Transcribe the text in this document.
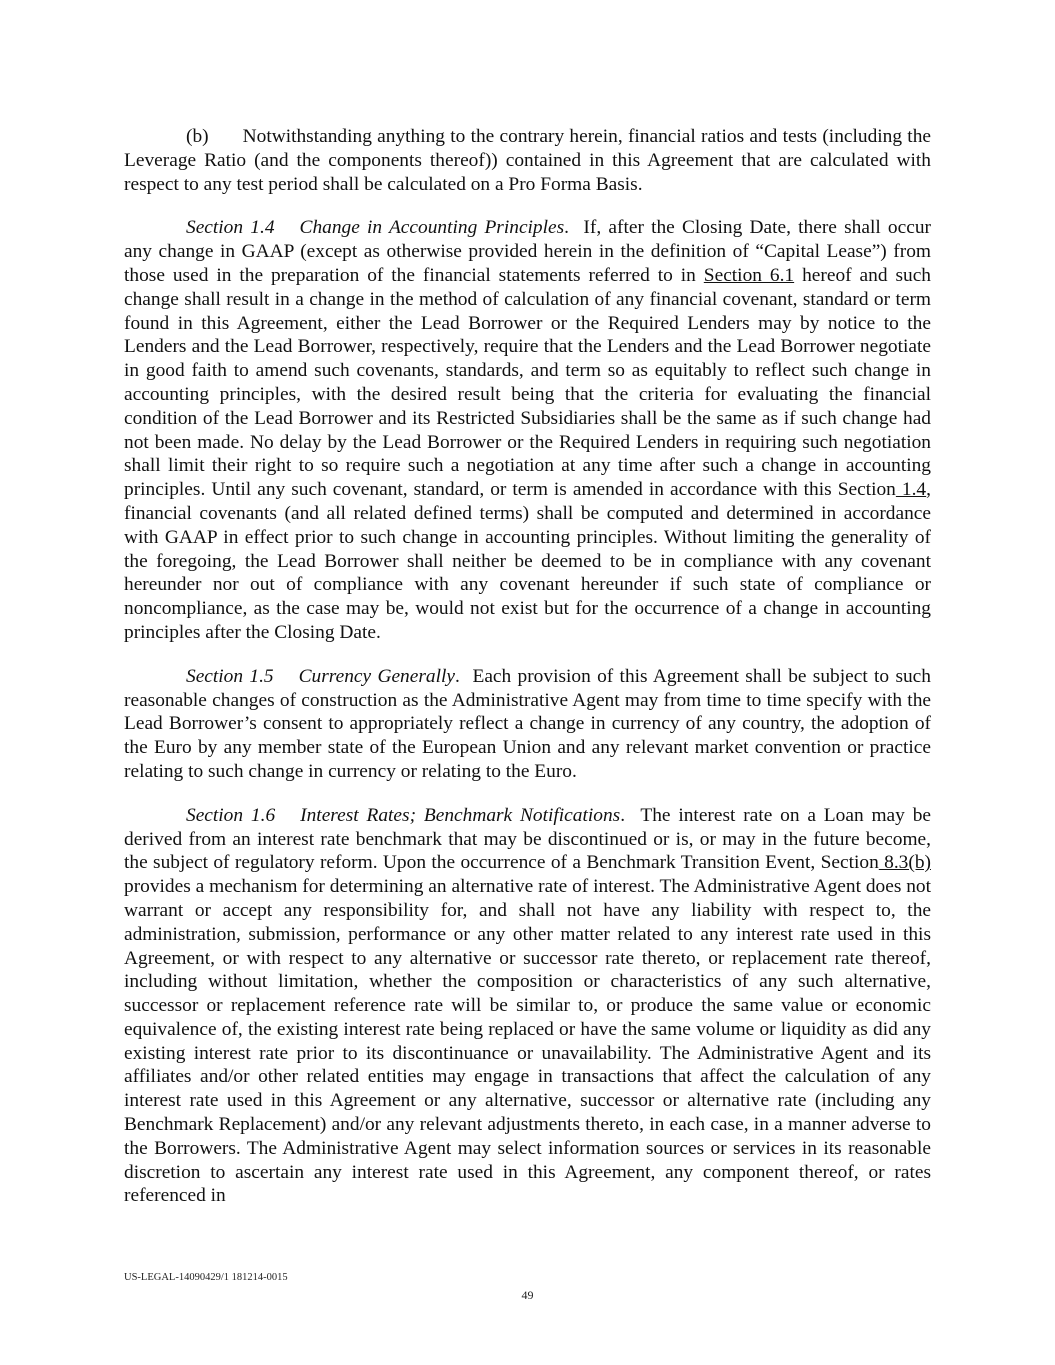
(b) Notwithstanding anything to the contrary herein, financial ratios and tests (including the Leverage Ratio (and the components thereof)) contained in this Agreement that are calculated with respect to any test period shall be calculated on a Pro Forma Basis.

Section 1.4 Change in Accounting Principles.  If, after the Closing Date, there shall occur any change in GAAP (except as otherwise provided herein in the definition of “Capital Lease”) from those used in the preparation of the financial statements referred to in Section 6.1 hereof and such change shall result in a change in the method of calculation of any financial covenant, standard or term found in this Agreement, either the Lead Borrower or the Required Lenders may by notice to the Lenders and the Lead Borrower, respectively, require that the Lenders and the Lead Borrower negotiate in good faith to amend such covenants, standards, and term so as equitably to reflect such change in accounting principles, with the desired result being that the criteria for evaluating the financial condition of the Lead Borrower and its Restricted Subsidiaries shall be the same as if such change had not been made. No delay by the Lead Borrower or the Required Lenders in requiring such negotiation shall limit their right to so require such a negotiation at any time after such a change in accounting principles. Until any such covenant, standard, or term is amended in accordance with this Section 1.4, financial covenants (and all related defined terms) shall be computed and determined in accordance with GAAP in effect prior to such change in accounting principles. Without limiting the generality of the foregoing, the Lead Borrower shall neither be deemed to be in compliance with any covenant hereunder nor out of compliance with any covenant hereunder if such state of compliance or noncompliance, as the case may be, would not exist but for the occurrence of a change in accounting principles after the Closing Date.

Section 1.5 Currency Generally.  Each provision of this Agreement shall be subject to such reasonable changes of construction as the Administrative Agent may from time to time specify with the Lead Borrower’s consent to appropriately reflect a change in currency of any country, the adoption of the Euro by any member state of the European Union and any relevant market convention or practice relating to such change in currency or relating to the Euro.

Section 1.6 Interest Rates; Benchmark Notifications.  The interest rate on a Loan may be derived from an interest rate benchmark that may be discontinued or is, or may in the future become, the subject of regulatory reform. Upon the occurrence of a Benchmark Transition Event, Section 8.3(b) provides a mechanism for determining an alternative rate of interest. The Administrative Agent does not warrant or accept any responsibility for, and shall not have any liability with respect to, the administration, submission, performance or any other matter related to any interest rate used in this Agreement, or with respect to any alternative or successor rate thereto, or replacement rate thereof, including without limitation, whether the composition or characteristics of any such alternative, successor or replacement reference rate will be similar to, or produce the same value or economic equivalence of, the existing interest rate being replaced or have the same volume or liquidity as did any existing interest rate prior to its discontinuance or unavailability. The Administrative Agent and its affiliates and/or other related entities may engage in transactions that affect the calculation of any interest rate used in this Agreement or any alternative, successor or alternative rate (including any Benchmark Replacement) and/or any relevant adjustments thereto, in each case, in a manner adverse to the Borrowers. The Administrative Agent may select information sources or services in its reasonable discretion to ascertain any interest rate used in this Agreement, any component thereof, or rates referenced in

US-LEGAL-14090429/1 181214-0015
49
